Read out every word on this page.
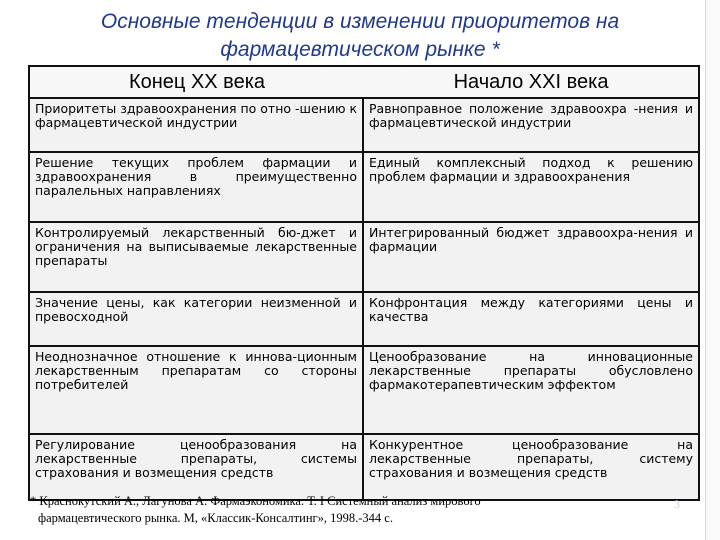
Основные тенденции в изменении приоритетов на фармацевтическом рынке *
Конец XX века	Начало XXI века
Приоритеты здравоохранения по отно -шению к фармацевтической индустрии
Равноправное положение здравоохра -нения и фармацевтической индустрии
Решение текущих проблем фармации и здравоохранения в преимущественно паралельных направлениях
Единый комплексный подход к решению проблем фармации и здравоохранения
Контролируемый лекарственный бю-джет и ограничения на выписываемые лекарственные препараты
Интегрированный бюджет здравоохра-нения и фармации
Значение цены, как категории неизменной и превосходной
Конфронтация между категориями цены и качества
Неоднозначное отношение к иннова-ционным лекарственным препаратам со стороны потребителей
Ценообразование на инновационные лекарственные препараты обусловлено фармакотерапевтическим эффектом
Регулирование ценообразования на лекарственные препараты, системы страхования и возмещения средств
Конкурентное ценообразование на лекарственные препараты, систему страхования и возмещения средств
* Краснокутский А., Лагунова А. Фармаэкономика. Т. I Системный анализ мирового
фармацевтического рынка. М, «Классик-Консалтинг», 1998.-344 с.
3
